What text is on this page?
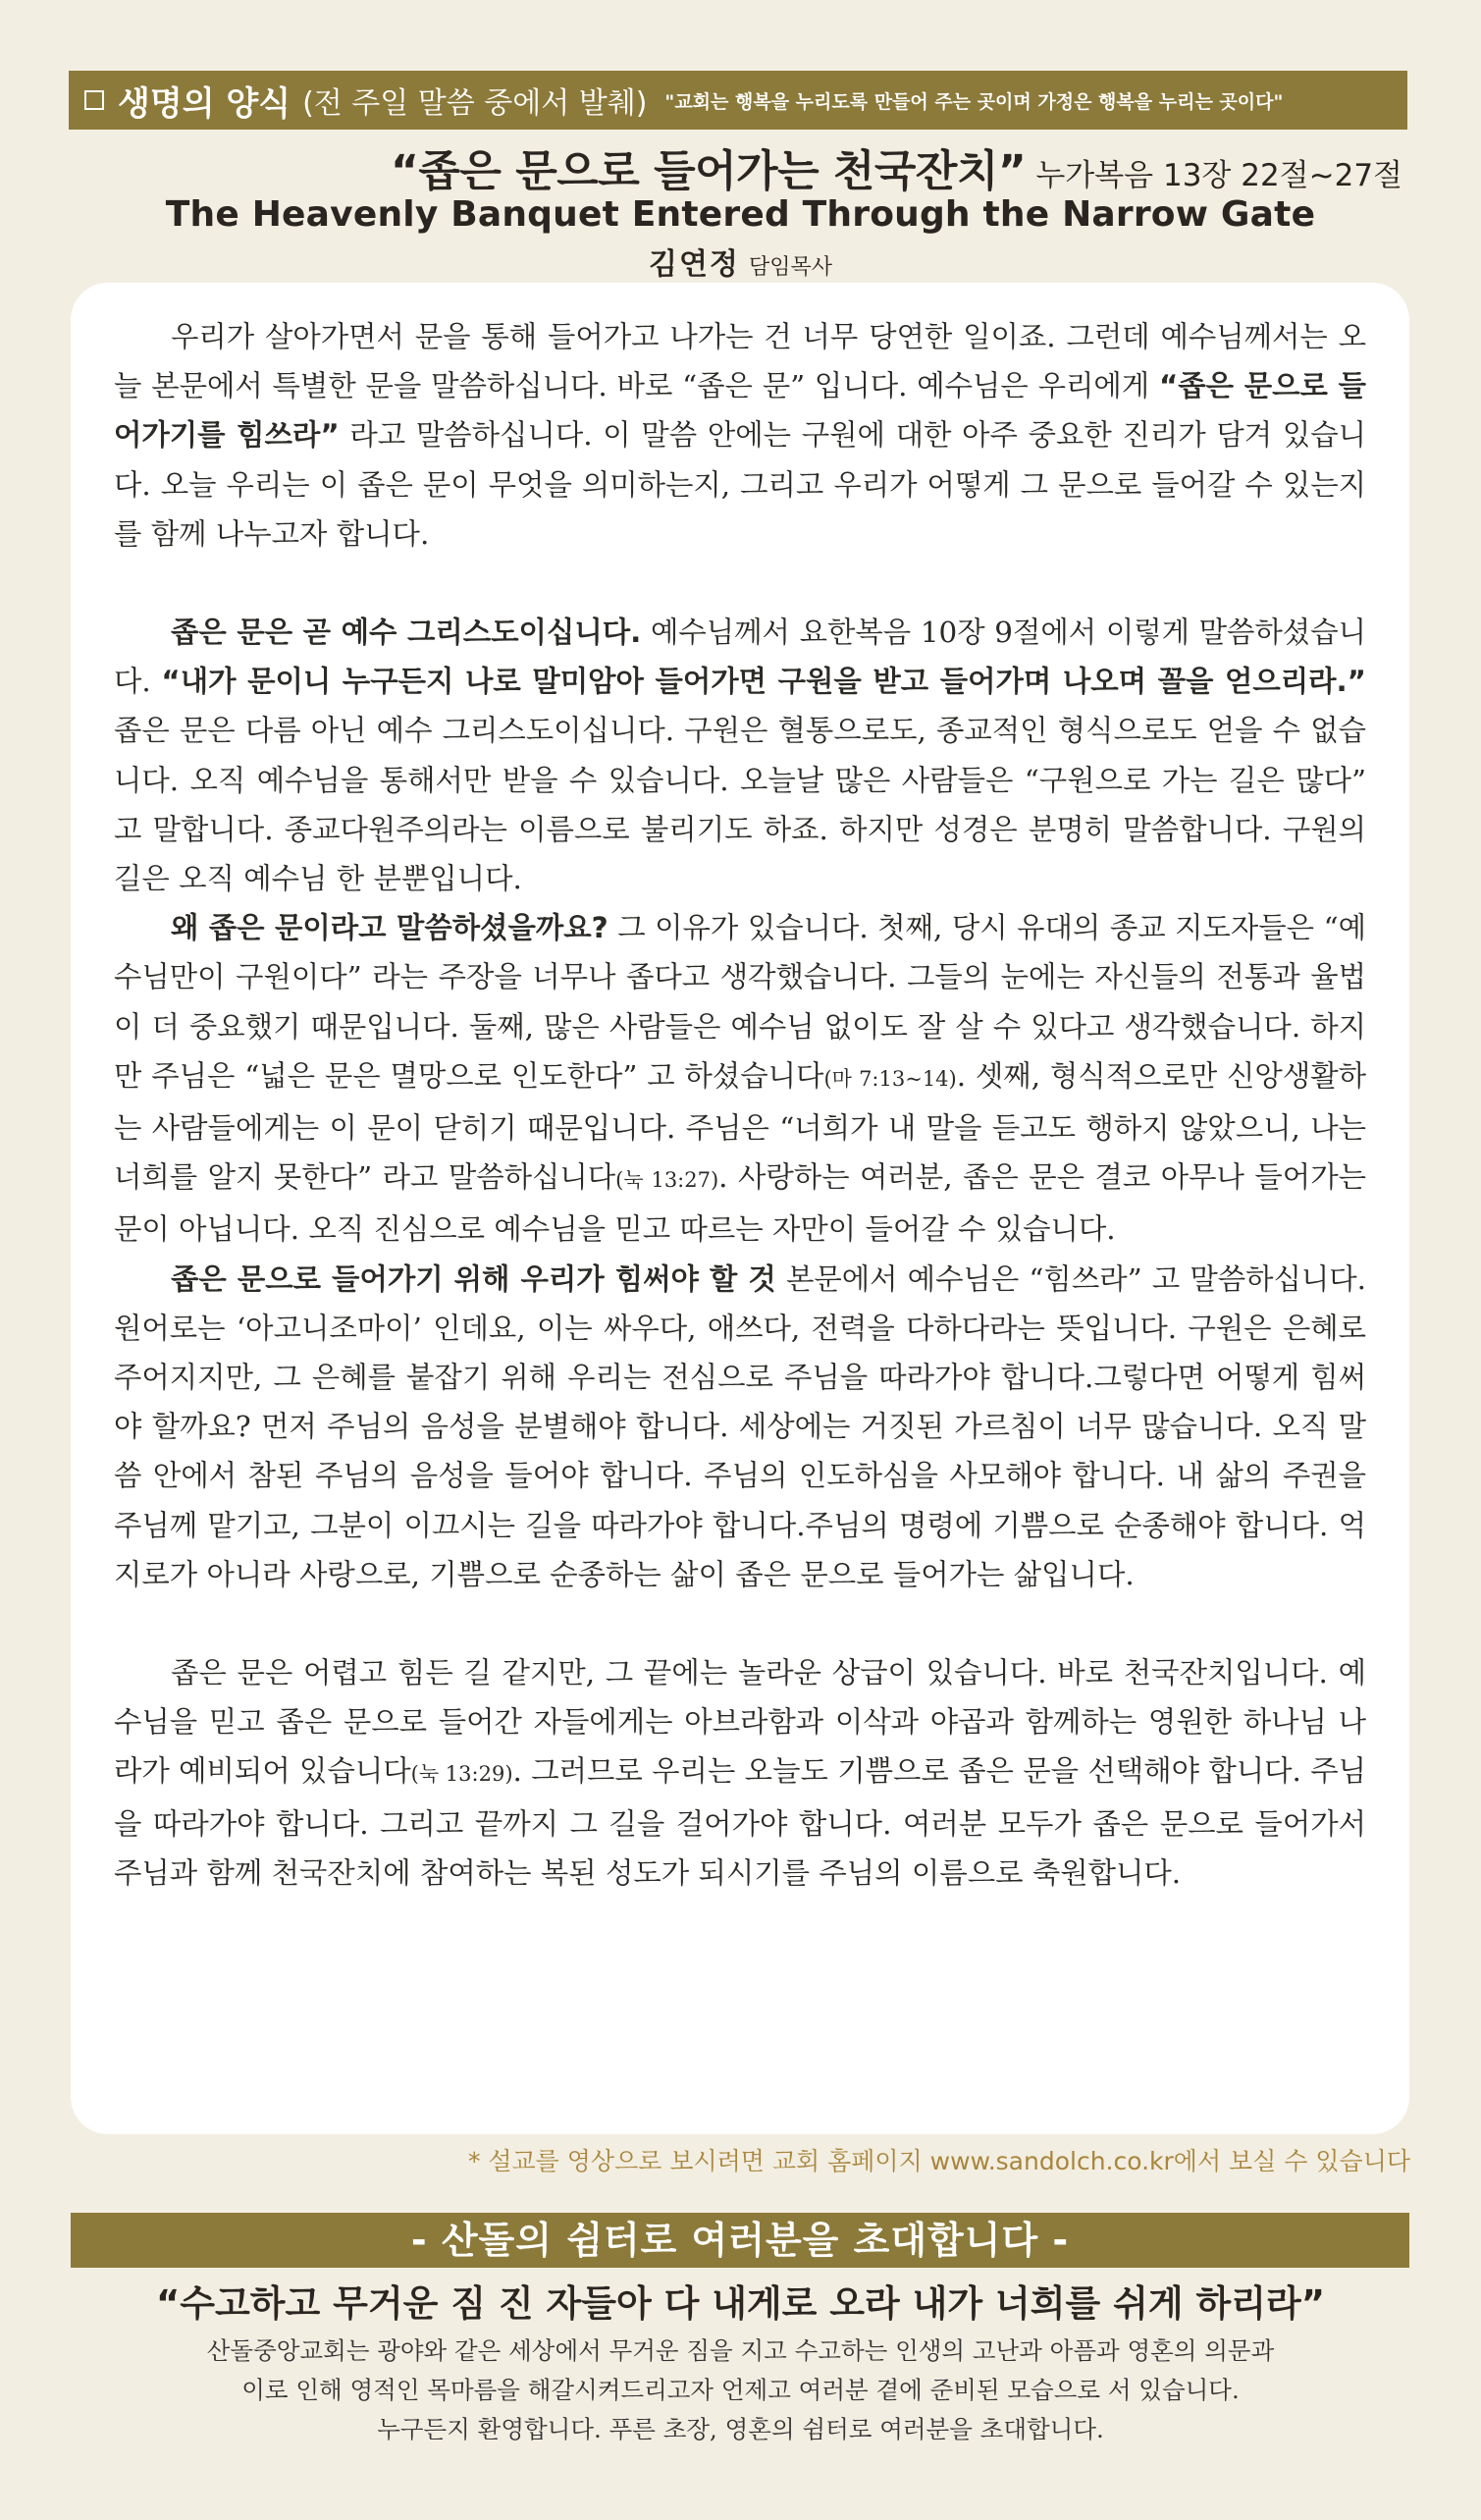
생명의 양식 (전 주일 말씀 중에서 발췌) "교회는 행복을 누리도록 만들어 주는 곳이며 가정은 행복을 누리는 곳이다"
“좁은 문으로 들어가는 천국잔치” 누가복음 13장 22절~27절
The Heavenly Banquet Entered Through the Narrow Gate
김연정 담임목사

우리가 살아가면서 문을 통해 들어가고 나가는 건 너무 당연한 일이죠. 그런데 예수님께서는 오늘 본문에서 특별한 문을 말씀하십니다. 바로 “좁은 문” 입니다. 예수님은 우리에게 “좁은 문으로 들어가기를 힘쓰라” 라고 말씀하십니다. 이 말씀 안에는 구원에 대한 아주 중요한 진리가 담겨 있습니다. 오늘 우리는 이 좁은 문이 무엇을 의미하는지, 그리고 우리가 어떻게 그 문으로 들어갈 수 있는지를 함께 나누고자 합니다.

좁은 문은 곧 예수 그리스도이십니다. 예수님께서 요한복음 10장 9절에서 이렇게 말씀하셨습니다. “내가 문이니 누구든지 나로 말미암아 들어가면 구원을 받고 들어가며 나오며 꼴을 얻으리라.” 좁은 문은 다름 아닌 예수 그리스도이십니다. 구원은 혈통으로도, 종교적인 형식으로도 얻을 수 없습니다. 오직 예수님을 통해서만 받을 수 있습니다. 오늘날 많은 사람들은 “구원으로 가는 길은 많다” 고 말합니다. 종교다원주의라는 이름으로 불리기도 하죠. 하지만 성경은 분명히 말씀합니다. 구원의 길은 오직 예수님 한 분뿐입니다.

왜 좁은 문이라고 말씀하셨을까요? 그 이유가 있습니다. 첫째, 당시 유대의 종교 지도자들은 “예수님만이 구원이다” 라는 주장을 너무나 좁다고 생각했습니다. 그들의 눈에는 자신들의 전통과 율법이 더 중요했기 때문입니다. 둘째, 많은 사람들은 예수님 없이도 잘 살 수 있다고 생각했습니다. 하지만 주님은 “넓은 문은 멸망으로 인도한다” 고 하셨습니다(마 7:13~14). 셋째, 형식적으로만 신앙생활하는 사람들에게는 이 문이 닫히기 때문입니다. 주님은 “너희가 내 말을 듣고도 행하지 않았으니, 나는 너희를 알지 못한다” 라고 말씀하십니다(눅 13:27). 사랑하는 여러분, 좁은 문은 결코 아무나 들어가는 문이 아닙니다. 오직 진심으로 예수님을 믿고 따르는 자만이 들어갈 수 있습니다.

좁은 문으로 들어가기 위해 우리가 힘써야 할 것 본문에서 예수님은 “힘쓰라” 고 말씀하십니다. 원어로는 ‘아고니조마이’ 인데요, 이는 싸우다, 애쓰다, 전력을 다하다라는 뜻입니다. 구원은 은혜로 주어지지만, 그 은혜를 붙잡기 위해 우리는 전심으로 주님을 따라가야 합니다.그렇다면 어떻게 힘써야 할까요? 먼저 주님의 음성을 분별해야 합니다. 세상에는 거짓된 가르침이 너무 많습니다. 오직 말씀 안에서 참된 주님의 음성을 들어야 합니다. 주님의 인도하심을 사모해야 합니다. 내 삶의 주권을 주님께 맡기고, 그분이 이끄시는 길을 따라가야 합니다.주님의 명령에 기쁨으로 순종해야 합니다. 억지로가 아니라 사랑으로, 기쁨으로 순종하는 삶이 좁은 문으로 들어가는 삶입니다.

좁은 문은 어렵고 힘든 길 같지만, 그 끝에는 놀라운 상급이 있습니다. 바로 천국잔치입니다. 예수님을 믿고 좁은 문으로 들어간 자들에게는 아브라함과 이삭과 야곱과 함께하는 영원한 하나님 나라가 예비되어 있습니다(눅 13:29). 그러므로 우리는 오늘도 기쁨으로 좁은 문을 선택해야 합니다. 주님을 따라가야 합니다. 그리고 끝까지 그 길을 걸어가야 합니다. 여러분 모두가 좁은 문으로 들어가서 주님과 함께 천국잔치에 참여하는 복된 성도가 되시기를 주님의 이름으로 축원합니다.

* 설교를 영상으로 보시려면 교회 홈페이지 www.sandolch.co.kr에서 보실 수 있습니다
- 산돌의 쉼터로 여러분을 초대합니다 -
“수고하고 무거운 짐 진 자들아 다 내게로 오라 내가 너희를 쉬게 하리라”
산돌중앙교회는 광야와 같은 세상에서 무거운 짐을 지고 수고하는 인생의 고난과 아픔과 영혼의 의문과
이로 인해 영적인 목마름을 해갈시켜드리고자 언제고 여러분 곁에 준비된 모습으로 서 있습니다.
누구든지 환영합니다. 푸른 초장, 영혼의 쉼터로 여러분을 초대합니다.
